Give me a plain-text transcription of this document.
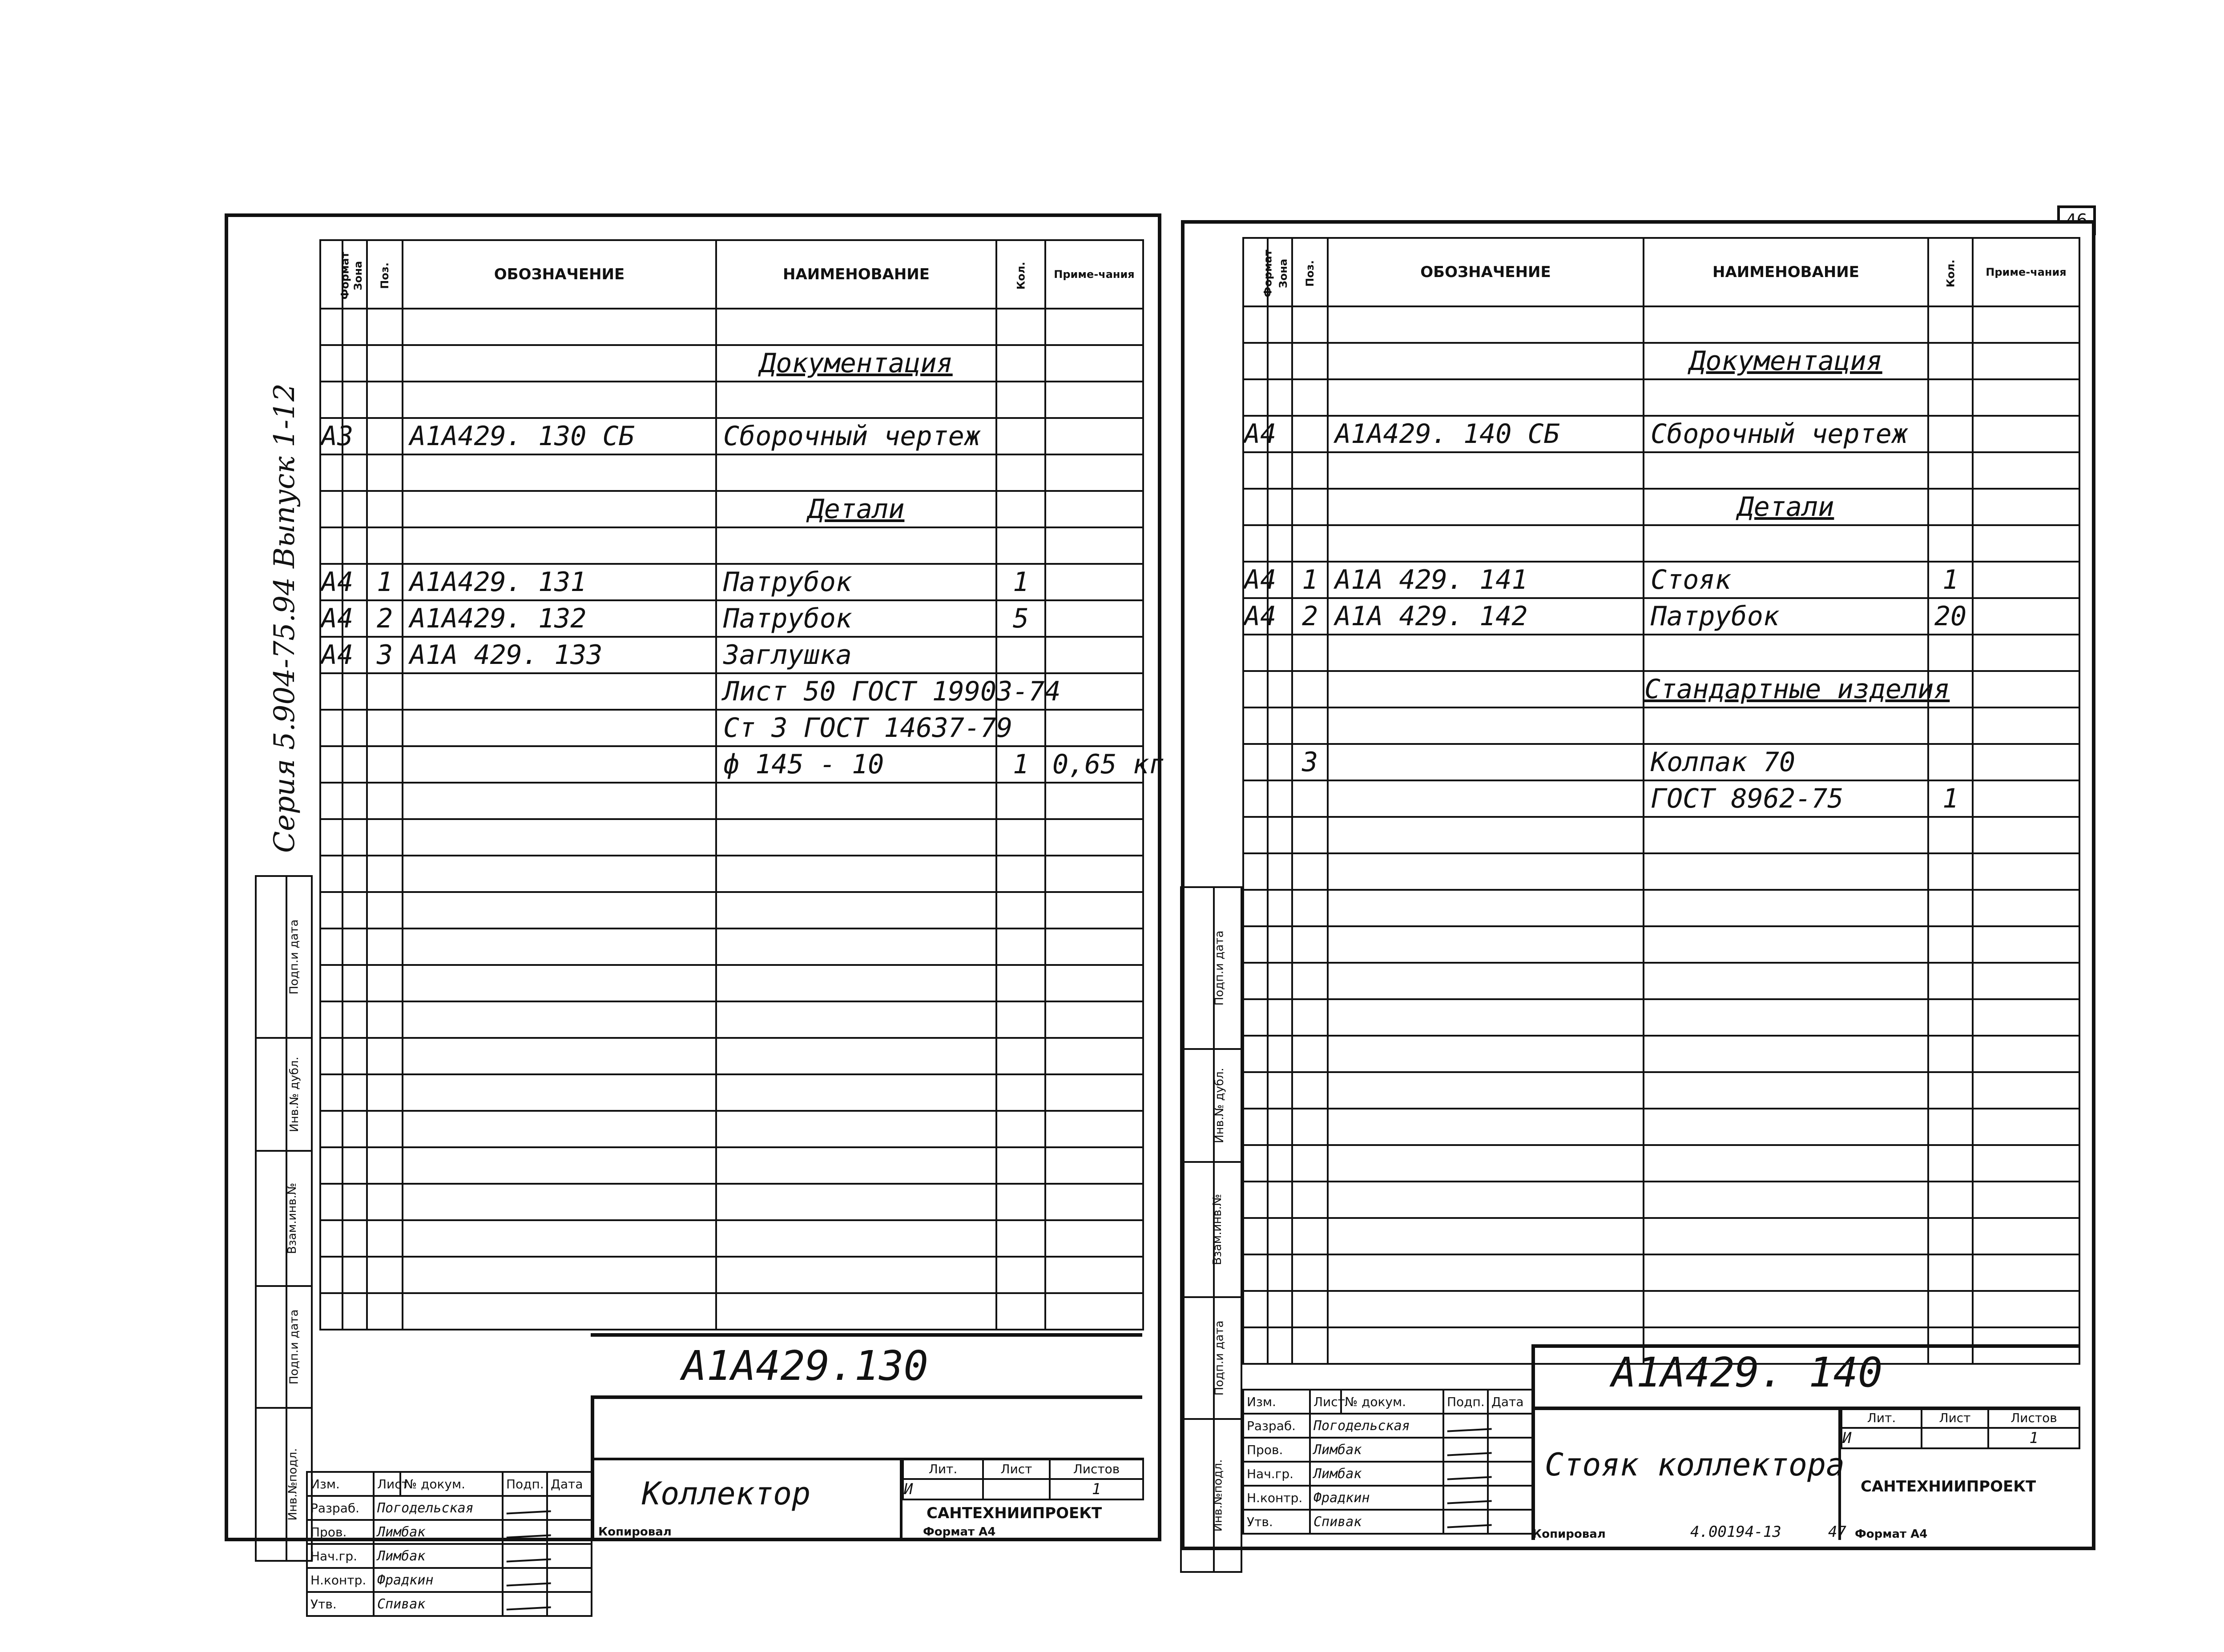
Серия 5.904-75.94 Выпуск 1-12
Формат	Зона	Поз.	ОБОЗНАЧЕНИЕ	НАИМЕНОВАНИЕ	Кол.	Приме-чания

				Документация		

А3			А1А429. 130 СБ	Сборочный чертеж		

				Детали		

А4		1	А1А429. 131	Патрубок	1	
А4		2	А1А429. 132	Патрубок	5	
А4		3	А1А 429. 133	Заглушка		
				Лист 50 ГОСТ 19903-74		
				Ст 3 ГОСТ 14637-79		
				ф 145 - 10	1	0,65 кг

Подп.и дата	
Инв.№ дубл.	
Взам.инв.№	
Подп.и дата	
Инв.№подл.	Изм.	Лист	№ докум.	Подп.	Дата
Разраб.	Погодельская			
Пров.	Лимбак			
Нач.гр.	Лимбак			
Н.контр.	Фрадкин			
Утв.	Спивак			
А1А429.130
Коллектор
Лит.	Лист	Листов
И		1
САНТЕХНИИПРОЕКТ
Копировал	Формат А4
Формат	Зона	Поз.	ОБОЗНАЧЕНИЕ	НАИМЕНОВАНИЕ	Кол.	Приме-чания

				Документация		

А4			А1А429. 140 СБ	Сборочный чертеж		

				Детали		

А4		1	А1А 429. 141	Стояк	1	
А4		2	А1А 429. 142	Патрубок	20	

				Стандартные изделия		

		3		Колпак 70		
				ГОСТ 8962-75	1	

Подп.и дата	
Инв.№ дубл.	
Взам.инв.№	
Подп.и дата	
Инв.№подл.	
Изм.	Лист	№ докум.	Подп.	Дата
Разраб.	Погодельская			
Пров.	Лимбак			
Нач.гр.	Лимбак			
Н.контр.	Фрадкин			
Утв.	Спивак			
А1А429. 140
Стояк коллектора
Лит.	Лист	Листов
И		1
САНТЕХНИИПРОЕКТ
Копировал	4.00194-13	47 Формат А4
